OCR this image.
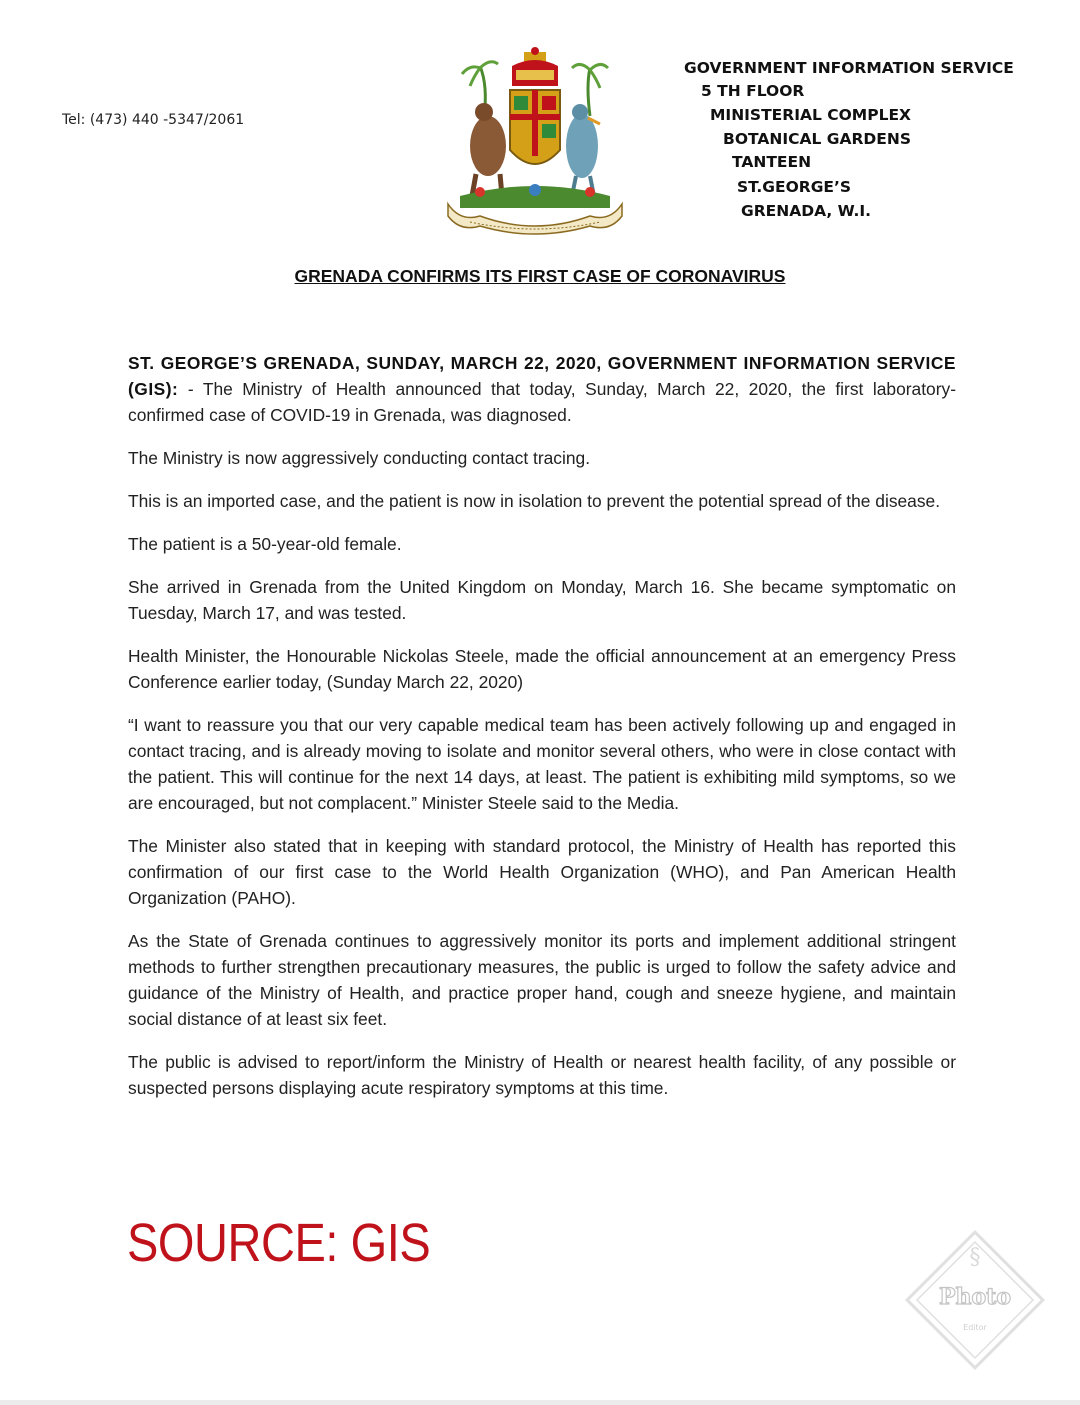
Tel: (473) 440 -5347/2061
GOVERNMENT INFORMATION SERVICE
5 TH FLOOR
MINISTERIAL COMPLEX
BOTANICAL GARDENS
TANTEEN
ST.GEORGE’S
GRENADA, W.I.
GRENADA CONFIRMS ITS FIRST CASE OF CORONAVIRUS

ST. GEORGE’S GRENADA, SUNDAY, MARCH 22, 2020, GOVERNMENT INFORMATION SERVICE (GIS): - The Ministry of Health announced that today, Sunday, March 22, 2020, the first laboratory-confirmed case of COVID-19 in Grenada, was diagnosed.

The Ministry is now aggressively conducting contact tracing.

This is an imported case, and the patient is now in isolation to prevent the potential spread of the disease.

The patient is a 50-year-old female.

She arrived in Grenada from the United Kingdom on Monday, March 16. She became symptomatic on Tuesday, March 17, and was tested.

Health Minister, the Honourable Nickolas Steele, made the official announcement at an emergency Press Conference earlier today, (Sunday March 22, 2020)

“I want to reassure you that our very capable medical team has been actively following up and engaged in contact tracing, and is already moving to isolate and monitor several others, who were in close contact with the patient. This will continue for the next 14 days, at least. The patient is exhibiting mild symptoms, so we are encouraged, but not complacent.” Minister Steele said to the Media.

The Minister also stated that in keeping with standard protocol, the Ministry of Health has reported this confirmation of our first case to the World Health Organization (WHO), and Pan American Health Organization (PAHO).

As the State of Grenada continues to aggressively monitor its ports and implement additional stringent methods to further strengthen precautionary measures, the public is urged to follow the safety advice and guidance of the Ministry of Health, and practice proper hand, cough and sneeze hygiene, and maintain social distance of at least six feet.

The public is advised to report/inform the Ministry of Health or nearest health facility, of any possible or suspected persons displaying acute respiratory symptoms at this time.

SOURCE: GIS	§
Photo
Editor
